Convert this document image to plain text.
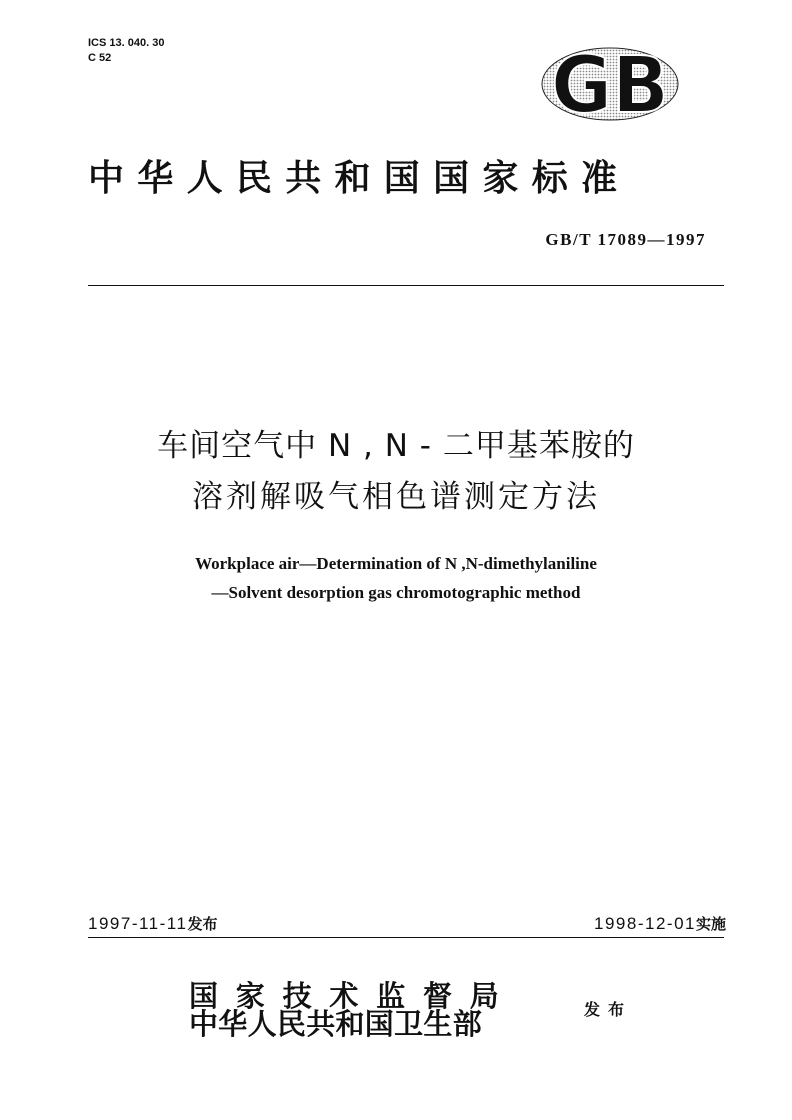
ICS 13. 040. 30
C 52	GB
中华人民共和国国家标准
GB/T 17089—1997
车间空气中 N , N - 二甲基苯胺的
溶剂解吸气相色谱测定方法
Workplace air—Determination of N ,N-dimethylaniline
—Solvent desorption gas chromotographic method
1997-11-11发布	1998-12-01实施
国家技术监督局
中华人民共和国卫生部	发布
